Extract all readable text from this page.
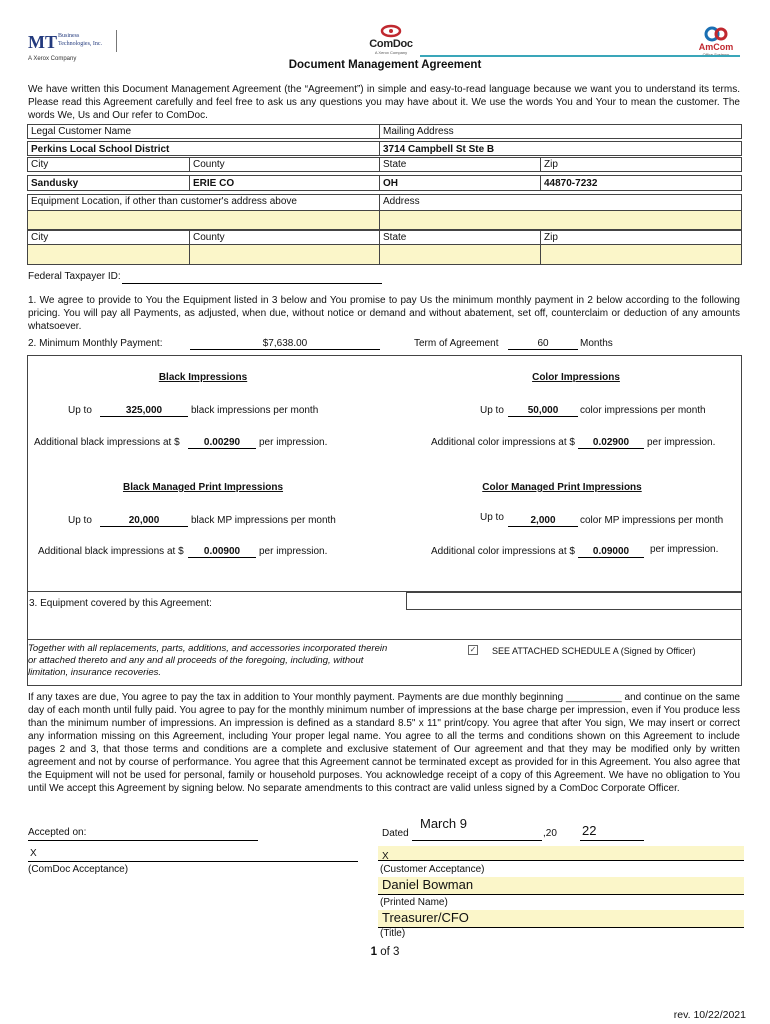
MT Business
Technologies, Inc.
A Xerox Company
ComDoc
A Xerox Company
AmCom
Document Management Agreement
We have written this Document Management Agreement (the “Agreement”) in simple and easy-to-read language because we want you to understand its terms. Please read this Agreement carefully and feel free to ask us any questions you may have about it. We use the words You and Your to mean the customer. The words We, Us and Our refer to ComDoc.
Legal Customer Name	Mailing Address
Perkins Local School District	3714 Campbell St Ste B
City	County	State	Zip
Sandusky	ERIE CO	OH	44870-7232
Equipment Location, if other than customer's address above	Address
City	County	State	Zip
Federal Taxpayer ID:
1. We agree to provide to You the Equipment listed in 3 below and You promise to pay Us the minimum monthly payment in 2 below according to the following pricing. You will pay all Payments, as adjusted, when due, without notice or demand and without abatement, set off, counterclaim or deduction of any amounts whatsoever.
2. Minimum Monthly Payment:	$7,638.00	Term of Agreement	60	Months
Black Impressions	Color Impressions
Up to	325,000	black impressions per month	Up to	50,000	color impressions per month
Additional black impressions at $	0.00290	per impression.	Additional color impressions at $	0.02900	per impression.
Black Managed Print Impressions	Color Managed Print Impressions
Up to	20,000	black MP impressions per month	Up to	2,000	color MP impressions per month
Additional black impressions at $	0.00900	per impression.	Additional color impressions at $	0.09000	per impression.
3. Equipment covered by this Agreement:
Together with all replacements, parts, additions, and accessories incorporated therein or attached thereto and any and all proceeds of the foregoing, including, without limitation, insurance recoveries.
✓ SEE ATTACHED SCHEDULE A (Signed by Officer)
If any taxes are due, You agree to pay the tax in addition to Your monthly payment. Payments are due monthly beginning __________ and continue on the same day of each month until fully paid. You agree to pay for the monthly minimum number of impressions at the base charge per impression, even if You produce less than the minimum number of impressions. An impression is defined as a standard 8.5" x 11" print/copy. You agree that after You sign, We may insert or correct any information missing on this Agreement, including Your proper legal name. You agree to all the terms and conditions shown on this Agreement to include pages 2 and 3, that those terms and conditions are a complete and exclusive statement of Our agreement and that they may be modified only by written agreement and not by course of performance. You agree that this Agreement cannot be terminated except as provided for in this Agreement. You also agree that the Equipment will not be used for personal, family or household purposes. You acknowledge receipt of a copy of this Agreement. We have no obligation to You until We accept this Agreement by signing below. No separate amendments to this contract are valid unless signed by a ComDoc Corporate Officer.
Accepted on:	Dated
March 9
,20 22
X
(ComDoc Acceptance)
X
(Customer Acceptance)
Daniel Bowman
(Printed Name)
Treasurer/CFO
(Title)
1 of 3
rev. 10/22/2021
